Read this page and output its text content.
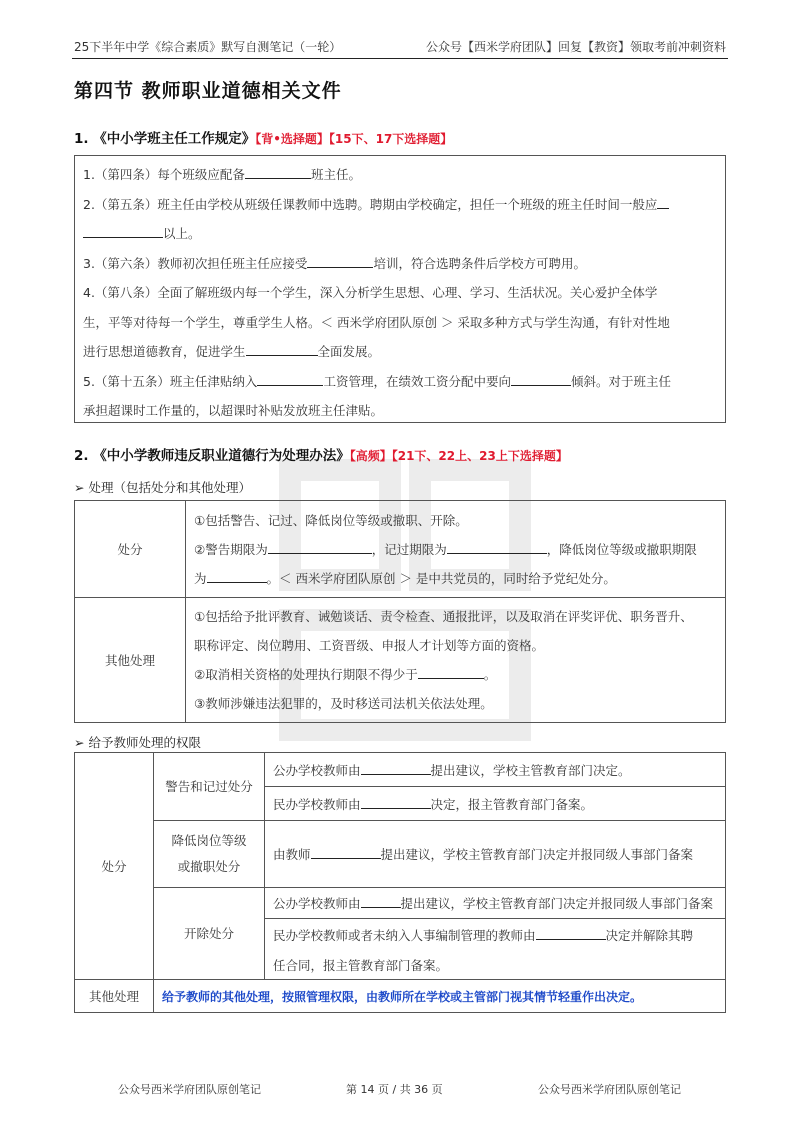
25下半年中学《综合素质》默写自测笔记（一轮）	公众号【西米学府团队】回复【教资】领取考前冲刺资料
第四节 教师职业道德相关文件
1. 《中小学班主任工作规定》【背•选择题】【15下、17下选择题】
1.（第四条）每个班级应配备	班主任。
2.（第五条）班主任由学校从班级任课教师中选聘。聘期由学校确定，担任一个班级的班主任时间一般应
以上。
3.（第六条）教师初次担任班主任应接受	培训，符合选聘条件后学校方可聘用。
4.（第八条）全面了解班级内每一个学生，深入分析学生思想、心理、学习、生活状况。关心爱护全体学
生，平等对待每一个学生，尊重学生人格。＜ 西米学府团队原创 ＞ 采取多种方式与学生沟通，有针对性地
进行思想道德教育，促进学生	全面发展。
5.（第十五条）班主任津贴纳入	工资管理，在绩效工资分配中要向	倾斜。对于班主任
承担超课时工作量的，以超课时补贴发放班主任津贴。
2. 《中小学教师违反职业道德行为处理办法》【高频】【21下、22上、23上下选择题】
➢ 处理（包括处分和其他处理）
处分	①包括警告、记过、降低岗位等级或撤职、开除。
②警告期限为 ，记过期限为 ，降低岗位等级或撤职期限
为 。＜ 西米学府团队原创 ＞ 是中共党员的，同时给予党纪处分。

其他处理	①包括给予批评教育、诫勉谈话、责令检查、通报批评，以及取消在评奖评优、职务晋升、
职称评定、岗位聘用、工资晋级、申报人才计划等方面的资格。
②取消相关资格的处理执行期限不得少于 。
③教师涉嫌违法犯罪的，及时移送司法机关依法处理。
➢ 给予教师处理的权限
处分	警告和记过处分	公办学校教师由 提出建议，学校主管教育部门决定。
		民办学校教师由 决定，报主管教育部门备案。

	降低岗位等级
或撤职处分	由教师 提出建议，学校主管教育部门决定并报同级人事部门备案
	开除处分	公办学校教师由 提出建议，学校主管教育部门决定并报同级人事部门备案
		民办学校教师或者未纳入人事编制管理的教师由 决定并解除其聘
		任合同，报主管教育部门备案。
其他处理	给予教师的其他处理，按照管理权限，由教师所在学校或主管部门视其情节轻重作出决定。	
公众号西米学府团队原创笔记	第 14 页 / 共 36 页	公众号西米学府团队原创笔记
